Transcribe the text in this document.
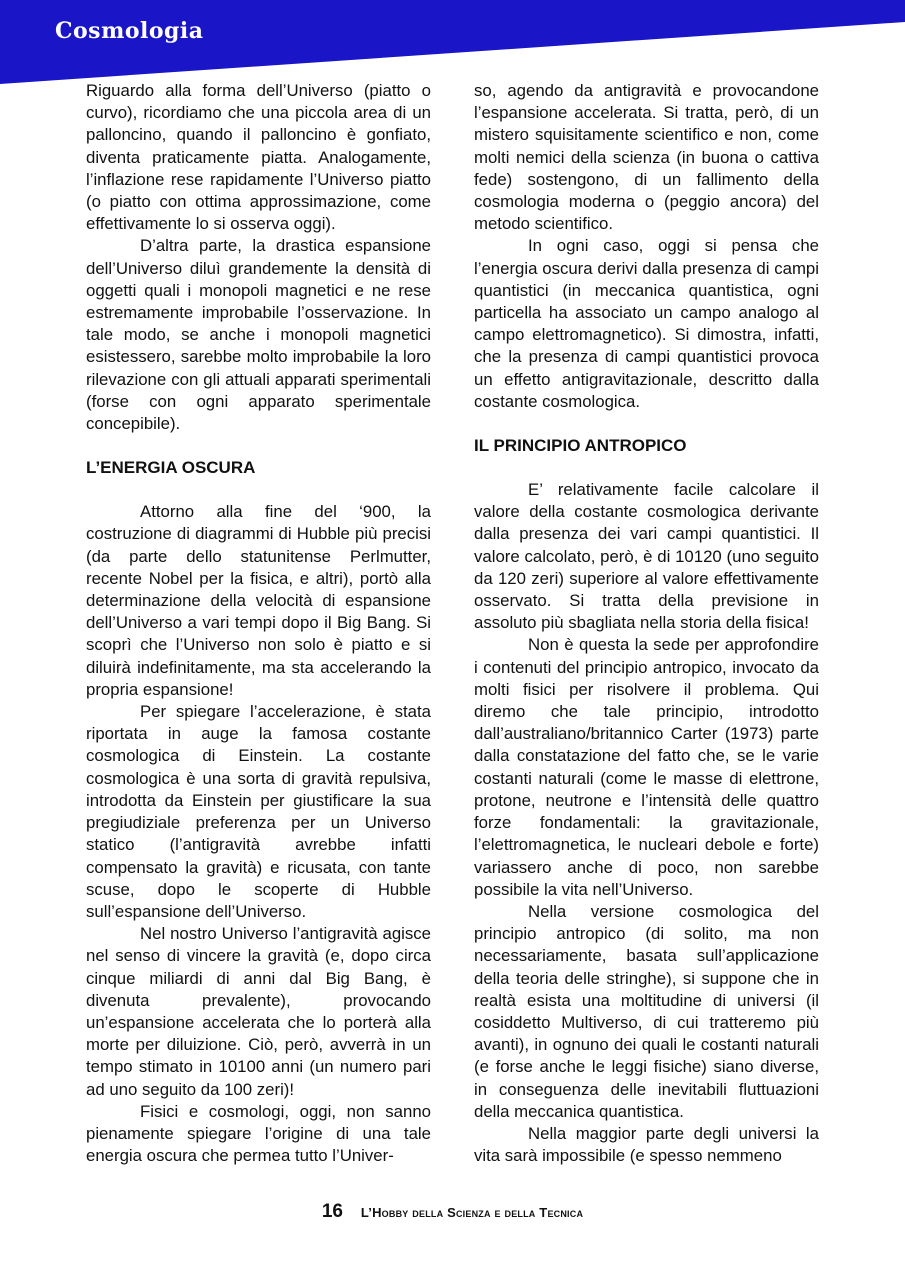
Cosmologia

Riguardo alla forma dell’Universo (piatto o curvo), ricordiamo che una piccola area di un palloncino, quando il palloncino è gonfiato, diventa praticamente piatta. Analogamente, l’inflazione rese rapidamente l’Universo piatto (o piatto con ottima approssimazione, come effettivamente lo si osserva oggi).

D’altra parte, la drastica espansione dell’Universo diluì grandemente la densità di oggetti quali i monopoli magnetici e ne rese estremamente improbabile l’osservazione. In tale modo, se anche i monopoli magnetici esistessero, sarebbe molto improbabile la loro rilevazione con gli attuali apparati sperimentali (forse con ogni apparato sperimentale concepibile).

L’ENERGIA OSCURA

Attorno alla fine del ‘900, la costruzione di diagrammi di Hubble più precisi (da parte dello statunitense Perlmutter, recente Nobel per la fisica, e altri), portò alla determinazione della velocità di espansione dell’Universo a vari tempi dopo il Big Bang. Si scoprì che l’Universo non solo è piatto e si diluirà indefinitamente, ma sta accelerando la propria espansione!

Per spiegare l’accelerazione, è stata riportata in auge la famosa costante cosmologica di Einstein. La costante cosmologica è una sorta di gravità repulsiva, introdotta da Einstein per giustificare la sua pregiudiziale preferenza per un Universo statico (l’antigravità avrebbe infatti compensato la gravità) e ricusata, con tante scuse, dopo le scoperte di Hubble sull’espansione dell’Universo.

Nel nostro Universo l’antigravità agisce nel senso di vincere la gravità (e, dopo circa cinque miliardi di anni dal Big Bang, è divenuta prevalente), provocando un’espansione accelerata che lo porterà alla morte per diluizione. Ciò, però, avverrà in un tempo stimato in 10100 anni (un numero pari ad uno seguito da 100 zeri)!

Fisici e cosmologi, oggi, non sanno pienamente spiegare l’origine di una tale energia oscura che permea tutto l’Univer-

so, agendo da antigravità e provocandone l’espansione accelerata. Si tratta, però, di un mistero squisitamente scientifico e non, come molti nemici della scienza (in buona o cattiva fede) sostengono, di un fallimento della cosmologia moderna o (peggio ancora) del metodo scientifico.

In ogni caso, oggi si pensa che l’energia oscura derivi dalla presenza di campi quantistici (in meccanica quantistica, ogni particella ha associato un campo analogo al campo elettromagnetico). Si dimostra, infatti, che la presenza di campi quantistici provoca un effetto antigravitazionale, descritto dalla costante cosmologica.

IL PRINCIPIO ANTROPICO

E’ relativamente facile calcolare il valore della costante cosmologica derivante dalla presenza dei vari campi quantistici. Il valore calcolato, però, è di 10120 (uno seguito da 120 zeri) superiore al valore effettivamente osservato. Si tratta della previsione in assoluto più sbagliata nella storia della fisica!

Non è questa la sede per approfondire i contenuti del principio antropico, invocato da molti fisici per risolvere il problema. Qui diremo che tale principio, introdotto dall’australiano/britannico Carter (1973) parte dalla constatazione del fatto che, se le varie costanti naturali (come le masse di elettrone, protone, neutrone e l’intensità delle quattro forze fondamentali: la gravitazionale, l’elettromagnetica, le nucleari debole e forte) variassero anche di poco, non sarebbe possibile la vita nell’Universo.

Nella versione cosmologica del principio antropico (di solito, ma non necessariamente, basata sull’applicazione della teoria delle stringhe), si suppone che in realtà esista una moltitudine di universi (il cosiddetto Multiverso, di cui tratteremo più avanti), in ognuno dei quali le costanti naturali (e forse anche le leggi fisiche) siano diverse, in conseguenza delle inevitabili fluttuazioni della meccanica quantistica.

Nella maggior parte degli universi la vita sarà impossibile (e spesso nemmeno

16 L’Hobby della Scienza e della Tecnica
